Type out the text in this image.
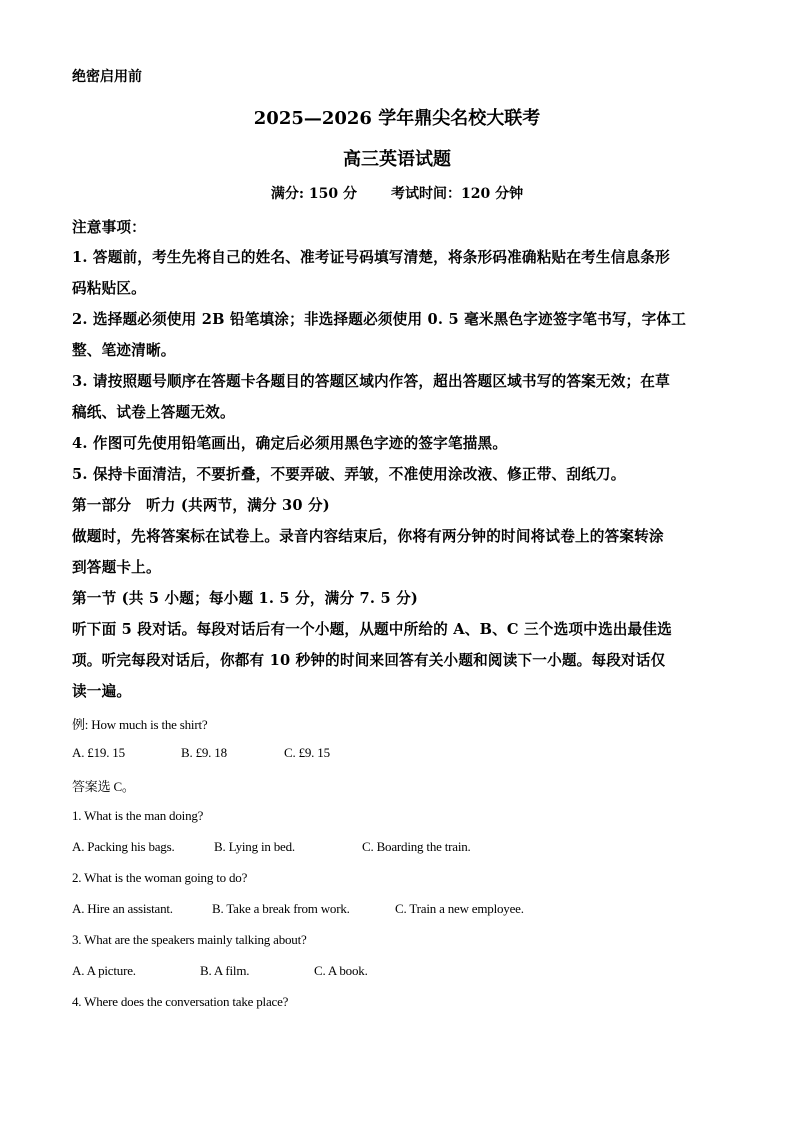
绝密启用前
2025—2026 学年鼎尖名校大联考
高三英语试题
满分: 150 分 考试时间：120 分钟
注意事项：
1. 答题前，考生先将自己的姓名、准考证号码填写清楚，将条形码准确粘贴在考生信息条形
码粘贴区。
2. 选择题必须使用 2B 铅笔填涂；非选择题必须使用 0. 5 毫米黑色字迹签字笔书写，字体工
整、笔迹清晰。
3. 请按照题号顺序在答题卡各题目的答题区域内作答，超出答题区域书写的答案无效；在草
稿纸、试卷上答题无效。
4. 作图可先使用铅笔画出，确定后必须用黑色字迹的签字笔描黑。
5. 保持卡面清洁，不要折叠，不要弄破、弄皱，不准使用涂改液、修正带、刮纸刀。
第一部分　听力 (共两节，满分 30 分)
做题时，先将答案标在试卷上。录音内容结束后，你将有两分钟的时间将试卷上的答案转涂
到答题卡上。
第一节 (共 5 小题；每小题 1. 5 分，满分 7. 5 分)
听下面 5 段对话。每段对话后有一个小题，从题中所给的 A、B、C 三个选项中选出最佳选
项。听完每段对话后，你都有 10 秒钟的时间来回答有关小题和阅读下一小题。每段对话仅
读一遍。
例: How much is the shirt?
A. £19. 15	B. £9. 18	C. £9. 15
答案选 C。
1. What is the man doing?
A. Packing his bags.	B. Lying in bed.	C. Boarding the train.
2. What is the woman going to do?
A. Hire an assistant.	B. Take a break from work.	C. Train a new employee.
3. What are the speakers mainly talking about?
A. A picture.	B. A film.	C. A book.
4. Where does the conversation take place?
